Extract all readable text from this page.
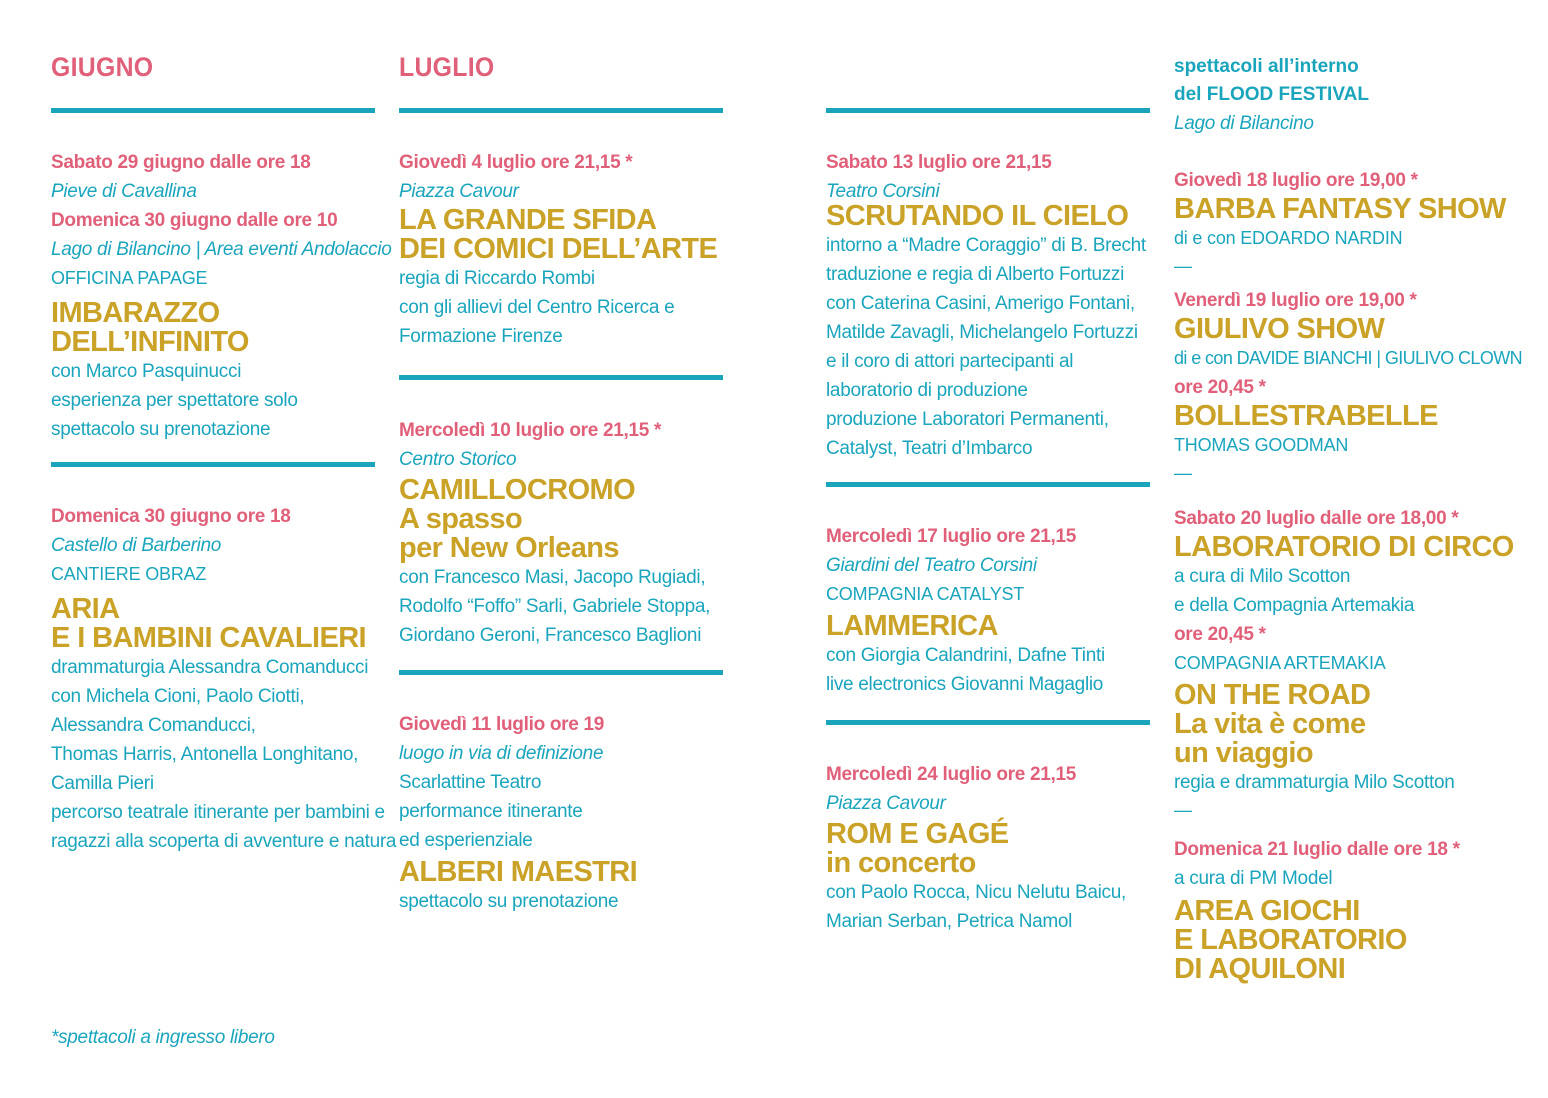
GIUGNO

Sabato 29 giugno dalle ore 18

Pieve di Cavallina

Domenica 30 giugno dalle ore 10

Lago di Bilancino | Area eventi Andolaccio

OFFICINA PAPAGE

IMBARAZZO
DELL’INFINITO

con Marco Pasquinucci

esperienza per spettatore solo

spettacolo su prenotazione

Domenica 30 giugno ore 18

Castello di Barberino

CANTIERE OBRAZ

ARIA
E I BAMBINI CAVALIERI

drammaturgia Alessandra Comanducci

con Michela Cioni, Paolo Ciotti,

Alessandra Comanducci,

Thomas Harris, Antonella Longhitano,

Camilla Pieri

percorso teatrale itinerante per bambini e

ragazzi alla scoperta di avventure e natura

LUGLIO

Giovedì 4 luglio ore 21,15 *

Piazza Cavour

LA GRANDE SFIDA
DEI COMICI DELL’ARTE

regia di Riccardo Rombi

con gli allievi del Centro Ricerca e

Formazione Firenze

Mercoledì 10 luglio ore 21,15 *

Centro Storico

CAMILLOCROMO
A spasso
per New Orleans

con Francesco Masi, Jacopo Rugiadi,

Rodolfo “Foffo” Sarli, Gabriele Stoppa,

Giordano Geroni, Francesco Baglioni

Giovedì 11 luglio ore 19

luogo in via di definizione

Scarlattine Teatro

performance itinerante

ed esperienziale

ALBERI MAESTRI

spettacolo su prenotazione

Sabato 13 luglio ore 21,15

Teatro Corsini

SCRUTANDO IL CIELO

intorno a “Madre Coraggio” di B. Brecht

traduzione e regia di Alberto Fortuzzi

con Caterina Casini, Amerigo Fontani,

Matilde Zavagli, Michelangelo Fortuzzi

e il coro di attori partecipanti al

laboratorio di produzione

produzione Laboratori Permanenti,

Catalyst, Teatri d’Imbarco

Mercoledì 17 luglio ore 21,15

Giardini del Teatro Corsini

COMPAGNIA CATALYST

LAMMERICA

con Giorgia Calandrini, Dafne Tinti

live electronics Giovanni Magaglio

Mercoledì 24 luglio ore 21,15

Piazza Cavour

ROM E GAGÉ
in concerto

con Paolo Rocca, Nicu Nelutu Baicu,

Marian Serban, Petrica Namol

spettacoli all’interno

del FLOOD FESTIVAL

Lago di Bilancino

Giovedì 18 luglio ore 19,00 *

BARBA FANTASY SHOW

di e con EDOARDO NARDIN

—

Venerdì 19 luglio ore 19,00 *

GIULIVO SHOW

di e con DAVIDE BIANCHI | GIULIVO CLOWN

ore 20,45 *

BOLLESTRABELLE

THOMAS GOODMAN

—

Sabato 20 luglio dalle ore 18,00 *

LABORATORIO DI CIRCO

a cura di Milo Scotton

e della Compagnia Artemakia

ore 20,45 *

COMPAGNIA ARTEMAKIA

ON THE ROAD
La vita è come
un viaggio

regia e drammaturgia Milo Scotton

—

Domenica 21 luglio dalle ore 18 *

a cura di PM Model

AREA GIOCHI
E LABORATORIO
DI AQUILONI

*spettacoli a ingresso libero
